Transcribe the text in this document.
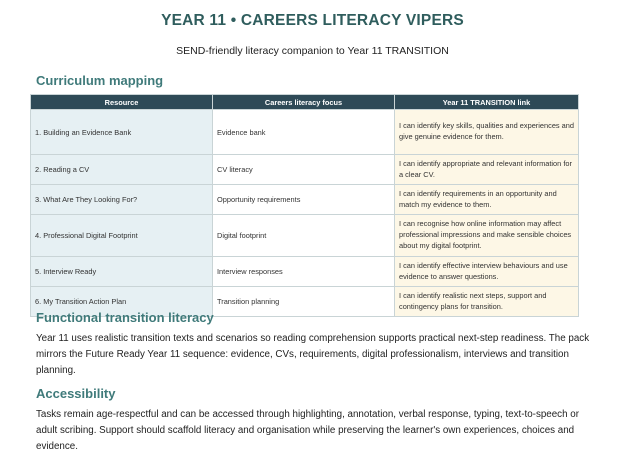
YEAR 11 • CAREERS LITERACY VIPERS
SEND-friendly literacy companion to Year 11 TRANSITION
Curriculum mapping
Resource	Careers literacy focus	Year 11 TRANSITION link
1. Building an Evidence Bank	Evidence bank	I can identify key skills, qualities and experiences and give genuine evidence for them.
2. Reading a CV	CV literacy	I can identify appropriate and relevant information for a clear CV.
3. What Are They Looking For?	Opportunity requirements	I can identify requirements in an opportunity and match my evidence to them.
4. Professional Digital Footprint	Digital footprint	I can recognise how online information may affect professional impressions and make sensible choices about my digital footprint.
5. Interview Ready	Interview responses	I can identify effective interview behaviours and use evidence to answer questions.
6. My Transition Action Plan	Transition planning	I can identify realistic next steps, support and contingency plans for transition.
Functional transition literacy
Year 11 uses realistic transition texts and scenarios so reading comprehension supports practical next-step readiness. The pack mirrors the Future Ready Year 11 sequence: evidence, CVs, requirements, digital professionalism, interviews and transition planning.
Accessibility
Tasks remain age-respectful and can be accessed through highlighting, annotation, verbal response, typing, text-to-speech or adult scribing. Support should scaffold literacy and organisation while preserving the learner's own experiences, choices and evidence.
